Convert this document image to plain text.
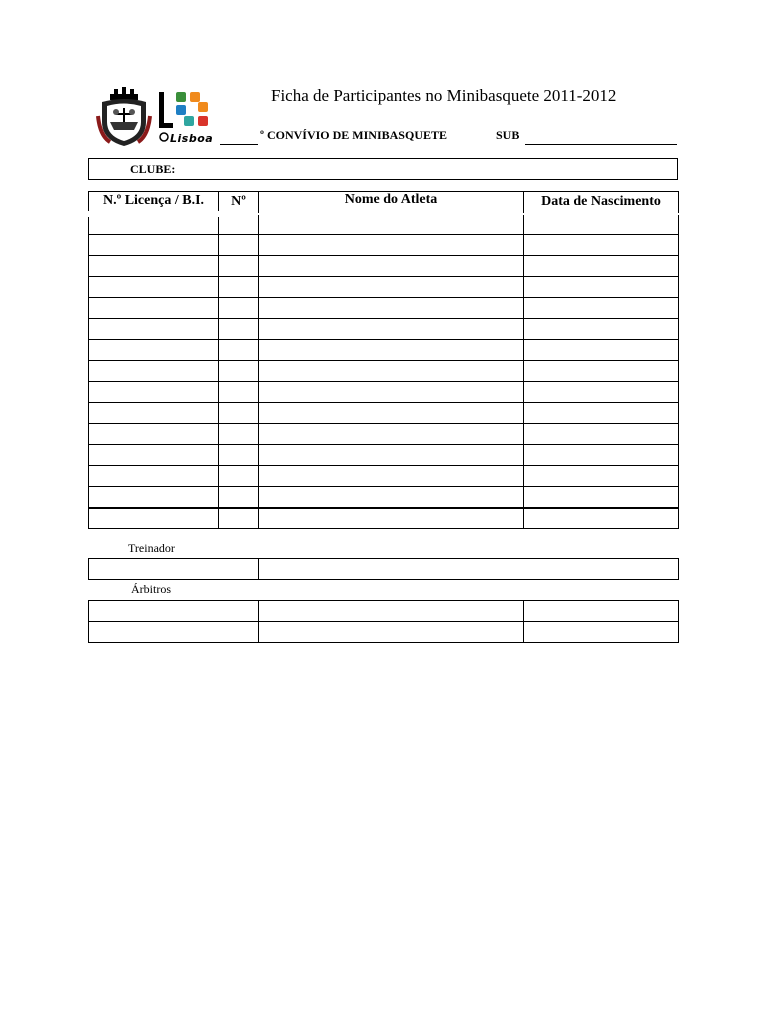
Lisboa
Ficha de Participantes no Minibasquete 2011-2012
º CONVÍVIO DE MINIBASQUETE	SUB
CLUBE:
N.º Licença / B.I.	Nº	Nome do Atleta	Data de Nascimento

Treinador

Árbitros
